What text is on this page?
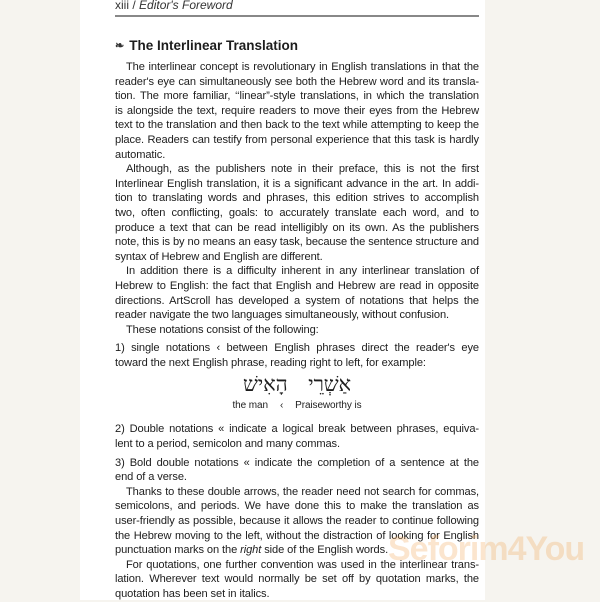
xiii / Editor's Foreword
❧ The Interlinear Translation
The interlinear concept is revolutionary in English translations in that the
reader's eye can simultaneously see both the Hebrew word and its transla-
tion. The more familiar, ‘‘linear”-style translations, in which the translation
is alongside the text, require readers to move their eyes from the Hebrew
text to the translation and then back to the text while attempting to keep the
place. Readers can testify from personal experience that this task is hardly
automatic.
Although, as the publishers note in their preface, this is not the first
Interlinear English translation, it is a significant advance in the art. In addi-
tion to translating words and phrases, this edition strives to accomplish
two, often conflicting, goals: to accurately translate each word, and to
produce a text that can be read intelligibly on its own. As the publishers
note, this is by no means an easy task, because the sentence structure and
syntax of Hebrew and English are different.
In addition there is a difficulty inherent in any interlinear translation of
Hebrew to English: the fact that English and Hebrew are read in opposite
directions. ArtScroll has developed a system of notations that helps the
reader navigate the two languages simultaneously, without confusion.
These notations consist of the following:
1) single notations ‹ between English phrases direct the reader's eye
toward the next English phrase, reading right to left, for example:
אַשְׁרֵי הָאִישׁ
the man ‹ Praiseworthy is
2) Double notations « indicate a logical break between phrases, equiva-
lent to a period, semicolon and many commas.
3) Bold double notations « indicate the completion of a sentence at the
end of a verse.
Thanks to these double arrows, the reader need not search for commas,
semicolons, and periods. We have done this to make the translation as
user-friendly as possible, because it allows the reader to continue following
the Hebrew moving to the left, without the distraction of looking for English
punctuation marks on the right side of the English words.
For quotations, one further convention was used in the interlinear trans-
lation. Wherever text would normally be set off by quotation marks, the
quotation has been set in italics.
Seforim4You
